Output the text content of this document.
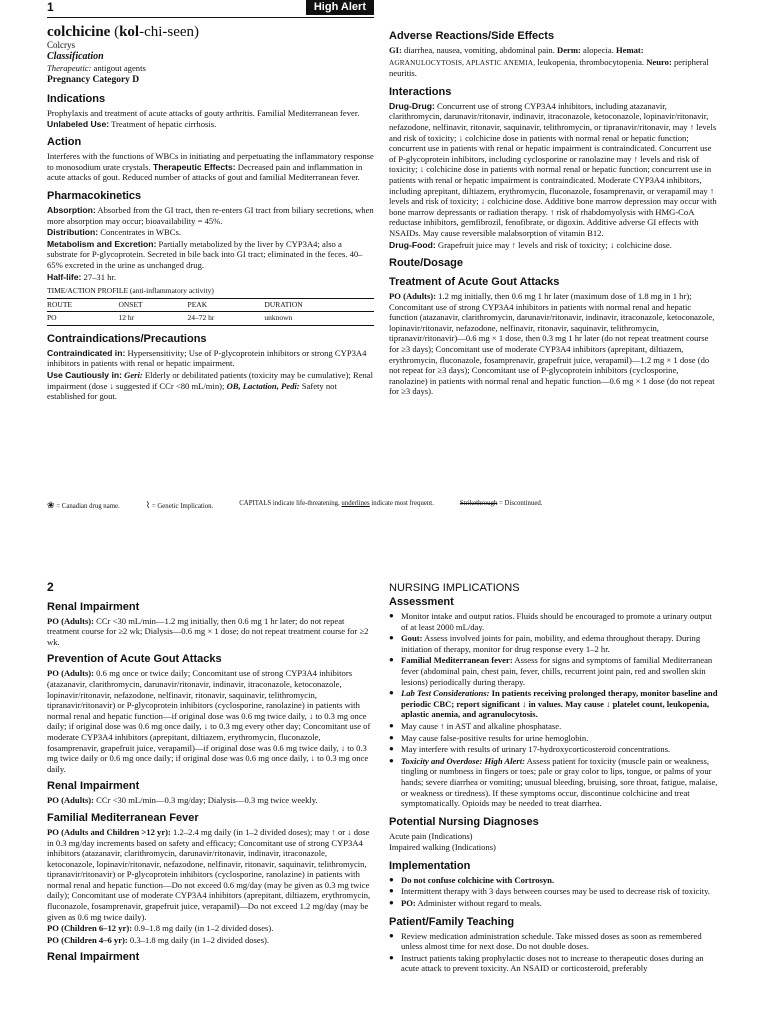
1	High Alert
colchicine (kol-chi-seen)
Colcrys
Classification
Therapeutic: antigout agents
Pregnancy Category D
Indications

Prophylaxis and treatment of acute attacks of gouty arthritis. Familial Mediterranean fever. Unlabeled Use: Treatment of hepatic cirrhosis.

Action

Interferes with the functions of WBCs in initiating and perpetuating the inflammatory response to monosodium urate crystals. Therapeutic Effects: Decreased pain and inflammation in acute attacks of gout. Reduced number of attacks of gout and familial Mediterranean fever.

Pharmacokinetics

Absorption: Absorbed from the GI tract, then re-enters GI tract from biliary secretions, when more absorption may occur; bioavailability = 45%.

Distribution: Concentrates in WBCs.

Metabolism and Excretion: Partially metabolized by the liver by CYP3A4; also a substrate for P-glycoprotein. Secreted in bile back into GI tract; eliminated in the feces. 40–65% excreted in the urine as unchanged drug.

Half-life: 27–31 hr.

TIME/ACTION PROFILE (anti-inflammatory activity)
ROUTE	ONSET	PEAK	DURATION
PO	12 hr	24–72 hr	unknown
Contraindications/Precautions

Contraindicated in: Hypersensitivity; Use of P-glycoprotein inhibitors or strong CYP3A4 inhibitors in patients with renal or hepatic impairment.

Use Cautiously in: Geri: Elderly or debilitated patients (toxicity may be cumulative); Renal impairment (dose ↓ suggested if CCr <80 mL/min); OB, Lactation, Pedi: Safety not established for gout.

Adverse Reactions/Side Effects

GI: diarrhea, nausea, vomiting, abdominal pain. Derm: alopecia. Hemat: AGRANULOCYTOSIS, APLASTIC ANEMIA, leukopenia, thrombocytopenia. Neuro: peripheral neuritis.

Interactions

Drug-Drug: Concurrent use of strong CYP3A4 inhibitors, including atazanavir, clarithromycin, darunavir/ritonavir, indinavir, itraconazole, ketoconazole, lopinavir/ritonavir, nefazodone, nelfinavir, ritonavir, saquinavir, telithromycin, or tipranavir/ritonavir, may ↑ levels and risk of toxicity; ↓ colchicine dose in patients with normal renal or hepatic function; concurrent use in patients with renal or hepatic impairment is contraindicated. Concurrent use of P-glycoprotein inhibitors, including cyclosporine or ranolazine may ↑ levels and risk of toxicity; ↓ colchicine dose in patients with normal renal or hepatic function; concurrent use in patients with renal or hepatic impairment is contraindicated. Moderate CYP3A4 inhibitors, including aprepitant, diltiazem, erythromycin, fluconazole, fosamprenavir, or verapamil may ↑ levels and risk of toxicity; ↓ colchicine dose. Additive bone marrow depression may occur with bone marrow depressants or radiation therapy. ↑ risk of rhabdomyolysis with HMG-CoA reductase inhibitors, gemfibrozil, fenofibrate, or digoxin. Additive adverse GI effects with NSAIDs. May cause reversible malabsorption of vitamin B12.

Drug-Food: Grapefruit juice may ↑ levels and risk of toxicity; ↓ colchicine dose.

Route/Dosage
Treatment of Acute Gout Attacks

PO (Adults): 1.2 mg initially, then 0.6 mg 1 hr later (maximum dose of 1.8 mg in 1 hr); Concomitant use of strong CYP3A4 inhibitors in patients with normal renal and hepatic function (atazanavir, clarithromycin, darunavir/ritonavir, indinavir, itraconazole, ketoconazole, lopinavir/ritonavir, nefazodone, nelfinavir, ritonavir, saquinavir, telithromycin, tipranavir/ritonavir)—0.6 mg × 1 dose, then 0.3 mg 1 hr later (do not repeat treatment course for ≥3 days); Concomitant use of moderate CYP3A4 inhibitors (aprepitant, diltiazem, erythromycin, fluconazole, fosamprenavir, grapefruit juice, verapamil)—1.2 mg × 1 dose (do not repeat for ≥3 days); Concomitant use of P-glycoprotein inhibitors (cyclosporine, ranolazine) in patients with normal renal and hepatic function—0.6 mg × 1 dose (do not repeat for ≥3 days).

❀ = Canadian drug name.	⌇ = Genetic Implication.	CAPITALS indicate life-threatening, underlines indicate most frequent.	Strikethrough = Discontinued.
2
Renal Impairment

PO (Adults): CCr <30 mL/min—1.2 mg initially, then 0.6 mg 1 hr later; do not repeat treatment course for ≥2 wk; Dialysis—0.6 mg × 1 dose; do not repeat treatment course for ≥2 wk.

Prevention of Acute Gout Attacks

PO (Adults): 0.6 mg once or twice daily; Concomitant use of strong CYP3A4 inhibitors (atazanavir, clarithromycin, darunavir/ritonavir, indinavir, itraconazole, ketoconazole, lopinavir/ritonavir, nefazodone, nelfinavir, ritonavir, saquinavir, telithromycin, tipranavir/ritonavir) or P-glycoprotein inhibitors (cyclosporine, ranolazine) in patients with normal renal and hepatic function—if original dose was 0.6 mg twice daily, ↓ to 0.3 mg once daily; if original dose was 0.6 mg once daily, ↓ to 0.3 mg every other day; Concomitant use of moderate CYP3A4 inhibitors (aprepitant, diltiazem, erythromycin, fluconazole, fosamprenavir, grapefruit juice, verapamil)—if original dose was 0.6 mg twice daily, ↓ to 0.3 mg twice daily or 0.6 mg once daily; if original dose was 0.6 mg once daily, ↓ to 0.3 mg once daily.

Renal Impairment

PO (Adults): CCr <30 mL/min—0.3 mg/day; Dialysis—0.3 mg twice weekly.

Familial Mediterranean Fever

PO (Adults and Children >12 yr): 1.2–2.4 mg daily (in 1–2 divided doses); may ↑ or ↓ dose in 0.3 mg/day increments based on safety and efficacy; Concomitant use of strong CYP3A4 inhibitors (atazanavir, clarithromycin, darunavir/ritonavir, indinavir, itraconazole, ketoconazole, lopinavir/ritonavir, nefazodone, nelfinavir, ritonavir, saquinavir, telithromycin, tipranavir/ritonavir) or P-glycoprotein inhibitors (cyclosporine, ranolazine) in patients with normal renal and hepatic function—Do not exceed 0.6 mg/day (may be given as 0.3 mg twice daily); Concomitant use of moderate CYP3A4 inhibitors (aprepitant, diltiazem, erythromycin, fluconazole, fosamprenavir, grapefruit juice, verapamil)—Do not exceed 1.2 mg/day (may be given as 0.6 mg twice daily).

PO (Children 6–12 yr): 0.9–1.8 mg daily (in 1–2 divided doses).

PO (Children 4–6 yr): 0.3–1.8 mg daily (in 1–2 divided doses).

Renal Impairment
NURSING IMPLICATIONS
Assessment
● Monitor intake and output ratios. Fluids should be encouraged to promote a urinary output of at least 2000 mL/day.
● Gout: Assess involved joints for pain, mobility, and edema throughout therapy. During initiation of therapy, monitor for drug response every 1–2 hr.
● Familial Mediterranean fever: Assess for signs and symptoms of familial Mediterranean fever (abdominal pain, chest pain, fever, chills, recurrent joint pain, red and swollen skin lesions) periodically during therapy.
● Lab Test Considerations: In patients receiving prolonged therapy, monitor baseline and periodic CBC; report significant ↓ in values. May cause ↓ platelet count, leukopenia, aplastic anemia, and agranulocytosis.
● May cause ↑ in AST and alkaline phosphatase.
● May cause false-positive results for urine hemoglobin.
● May interfere with results of urinary 17-hydroxycorticosteroid concentrations.
● Toxicity and Overdose: High Alert: Assess patient for toxicity (muscle pain or weakness, tingling or numbness in fingers or toes; pale or gray color to lips, tongue, or palms of your hands; severe diarrhea or vomiting; unusual bleeding, bruising, sore throat, fatigue, malaise, or weakness or tiredness). If these symptoms occur, discontinue colchicine and treat symptomatically. Opioids may be needed to treat diarrhea.
Potential Nursing Diagnoses

Acute pain (Indications)

Impaired walking (Indications)

Implementation
● Do not confuse colchicine with Cortrosyn.
● Intermittent therapy with 3 days between courses may be used to decrease risk of toxicity.
● PO: Administer without regard to meals.
Patient/Family Teaching
● Review medication administration schedule. Take missed doses as soon as remembered unless almost time for next dose. Do not double doses.
● Instruct patients taking prophylactic doses not to increase to therapeutic doses during an acute attack to prevent toxicity. An NSAID or corticosteroid, preferably
